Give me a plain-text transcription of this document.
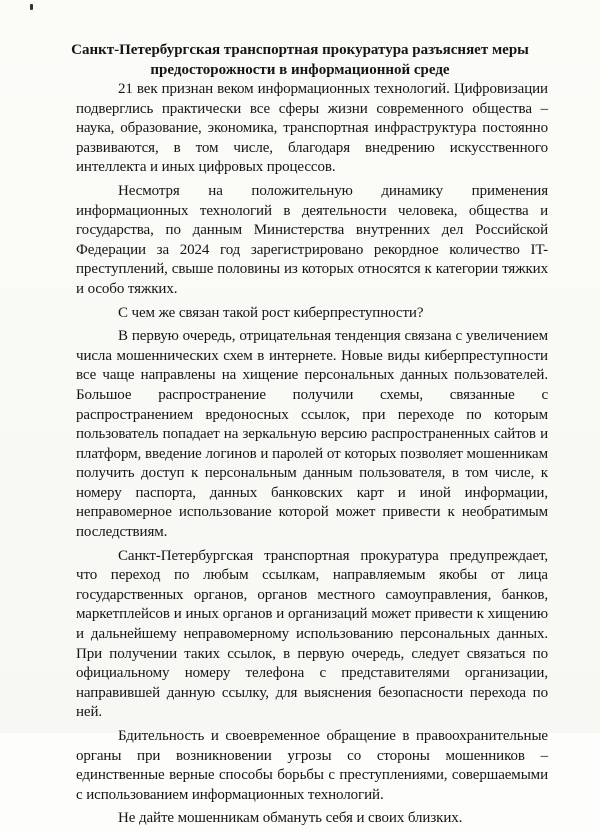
Санкт-Петербургская транспортная прокуратура разъясняет меры предосторожности в информационной среде

21 век признан веком информационных технологий. Цифровизации подверглись практически все сферы жизни современного общества – наука, образование, экономика, транспортная инфраструктура постоянно развиваются, в том числе, благодаря внедрению искусственного интеллекта и иных цифровых процессов.

Несмотря на положительную динамику применения информационных технологий в деятельности человека, общества и государства, по данным Министерства внутренних дел Российской Федерации за 2024 год зарегистрировано рекордное количество IT-преступлений, свыше половины из которых относятся к категории тяжких и особо тяжких.

С чем же связан такой рост киберпреступности?

В первую очередь, отрицательная тенденция связана с увеличением числа мошеннических схем в интернете. Новые виды киберпреступности все чаще направлены на хищение персональных данных пользователей. Большое распространение получили схемы, связанные с распространением вредоносных ссылок, при переходе по которым пользователь попадает на зеркальную версию распространенных сайтов и платформ, введение логинов и паролей от которых позволяет мошенникам получить доступ к персональным данным пользователя, в том числе, к номеру паспорта, данных банковских карт и иной информации, неправомерное использование которой может привести к необратимым последствиям.

Санкт-Петербургская транспортная прокуратура предупреждает, что переход по любым ссылкам, направляемым якобы от лица государственных органов, органов местного самоуправления, банков, маркетплейсов и иных органов и организаций может привести к хищению и дальнейшему неправомерному использованию персональных данных. При получении таких ссылок, в первую очередь, следует связаться по официальному номеру телефона с представителями организации, направившей данную ссылку, для выяснения безопасности перехода по ней.

Бдительность и своевременное обращение в правоохранительные органы при возникновении угрозы со стороны мошенников – единственные верные способы борьбы с преступлениями, совершаемыми с использованием информационных технологий.

Не дайте мошенникам обмануть себя и своих близких.
